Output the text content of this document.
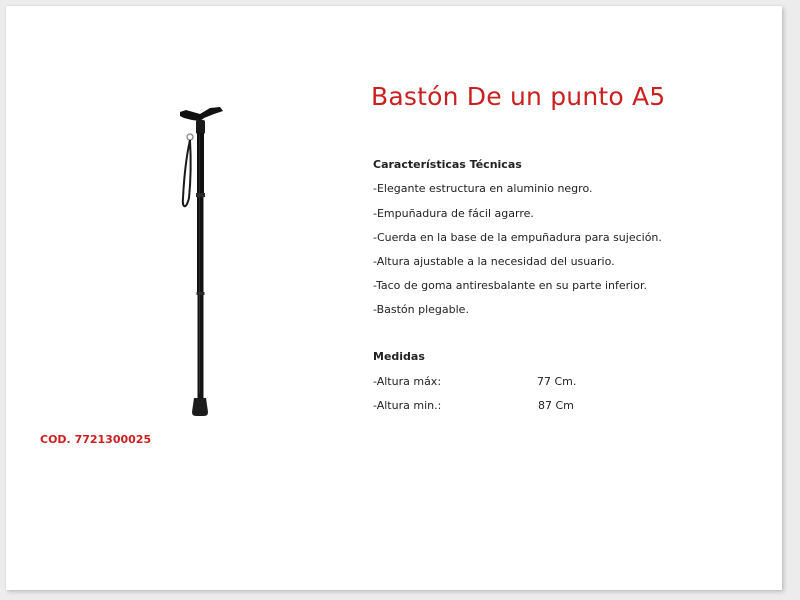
Bastón De un punto A5
Características Técnicas
-Elegante estructura en aluminio negro.
-Empuñadura de fácil agarre.
-Cuerda en la base de la empuñadura para sujeción.
-Altura ajustable a la necesidad del usuario.
-Taco de goma antiresbalante en su parte inferior.
-Bastón plegable.
Medidas
-Altura máx:	77 Cm.
-Altura min.:	87 Cm
COD. 7721300025
